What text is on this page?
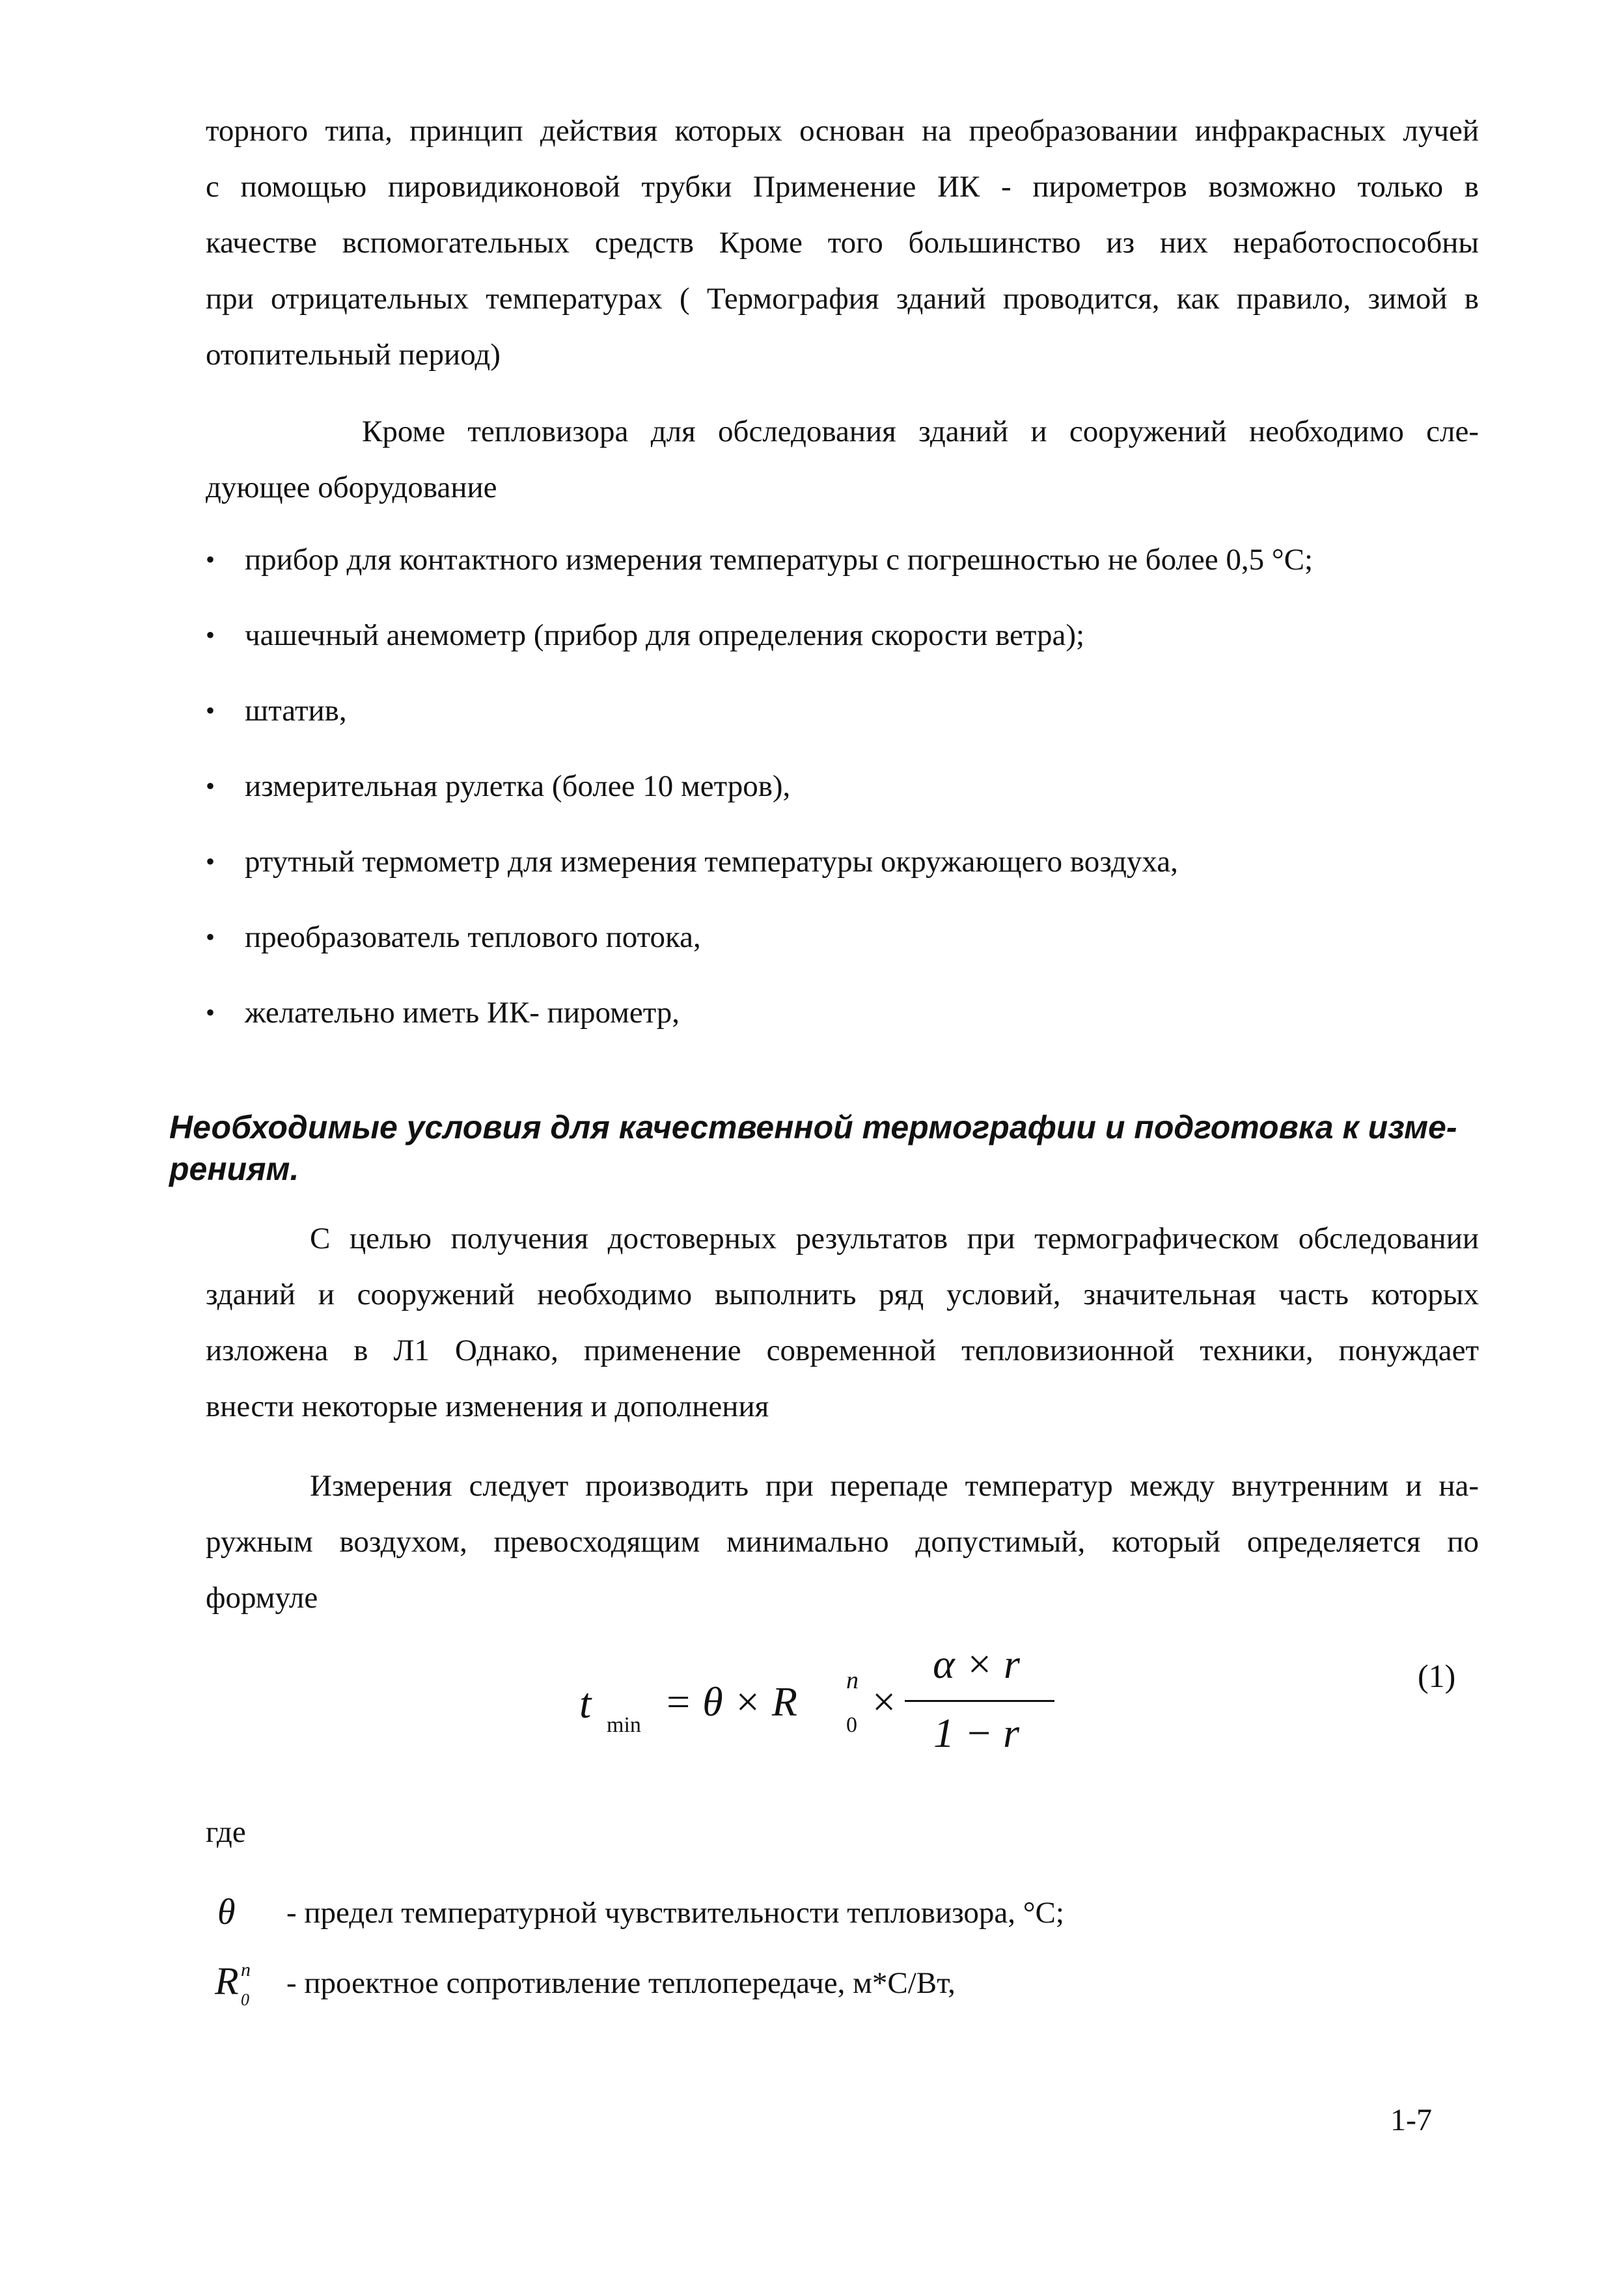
торного типа, принцип действия которых основан на преобразовании инфракрасных лучей
с помощью пировидиконовой трубки Применение ИК - пирометров возможно только в
качестве вспомогательных средств Кроме того большинство из них неработоспособны
при отрицательных температурах ( Термография зданий проводится, как правило, зимой в
отопительный период)
Кроме тепловизора для обследования зданий и сооружений необходимо сле-
дующее оборудование
• прибор для контактного измерения температуры с погрешностью не более 0,5 °С;
• чашечный анемометр (прибор для определения скорости ветра);
• штатив,
• измерительная рулетка (более 10 метров),
• ртутный термометр для измерения температуры окружающего воздуха,
• преобразователь теплового потока,
• желательно иметь ИК- пирометр,
Необходимые условия для качественной термографии и подготовка к изме-рениям.
С целью получения достоверных результатов при термографическом обследовании
зданий и сооружений необходимо выполнить ряд условий, значительная часть которых
изложена в Л1 Однако, применение современной тепловизионной техники, понуждает
внести некоторые изменения и дополнения
Измерения следует производить при перепаде температур между внутренним и на-
ружным воздухом, превосходящим минимально допустимый, который определяется по
формуле
t min
= θ × R n
0
×
α × r
1 − r
(1)
где
θ - предел температурной чувствительности тепловизора, °С;
R n
0 - проектное сопротивление теплопередаче, м*С/Вт,
1-7
